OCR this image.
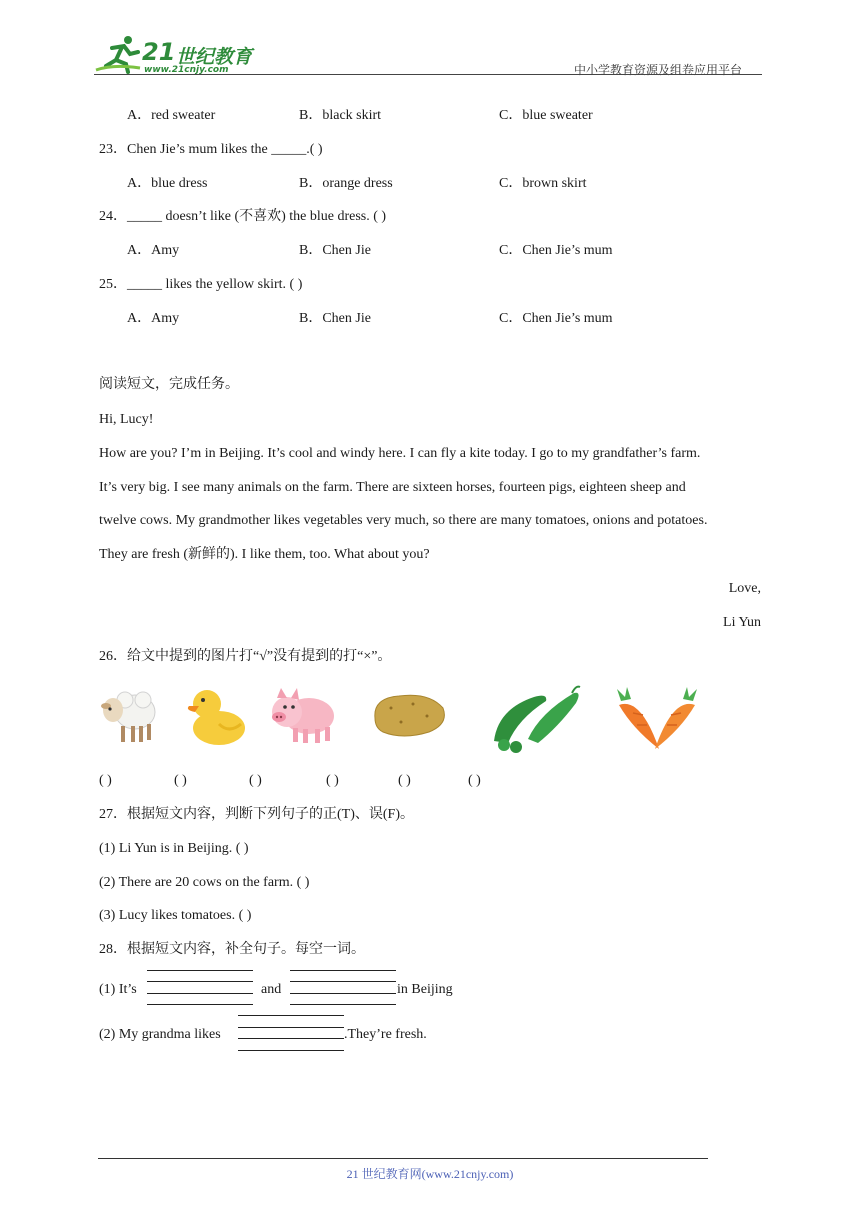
21 世纪教育
www.21cnjy.com	中小学教育资源及组卷应用平台
A．red sweater	B．black skirt	C．blue sweater
23．Chen Jie’s mum likes the _____.( )
A．blue dress	B．orange dress	C．brown skirt
24．_____ doesn’t like (不喜欢) the blue dress. ( )
A．Amy	B．Chen Jie	C．Chen Jie’s mum
25．_____ likes the yellow skirt. ( )
A．Amy	B．Chen Jie	C．Chen Jie’s mum
阅读短文，完成任务。
Hi, Lucy!
How are you? I’m in Beijing. It’s cool and windy here. I can fly a kite today. I go to my grandfather’s farm.
It’s very big. I see many animals on the farm. There are sixteen horses, fourteen pigs, eighteen sheep and
twelve cows. My grandmother likes vegetables very much, so there are many tomatoes, onions and potatoes.
They are fresh (新鲜的). I like them, too. What about you?
Love,
Li Yun
26．给文中提到的图片打“√”没有提到的打“×”。
( )	( )	( )	( )	( )	( )
27．根据短文内容，判断下列句子的正(T)、误(F)。
(1) Li Yun is in Beijing. ( )
(2) There are 20 cows on the farm. ( )
(3) Lucy likes tomatoes. ( )
28．根据短文内容，补全句子。每空一词。
(1) It’s	and	in Beijing
(2) My grandma likes	.They’re fresh.
21 世纪教育网(www.21cnjy.com)
